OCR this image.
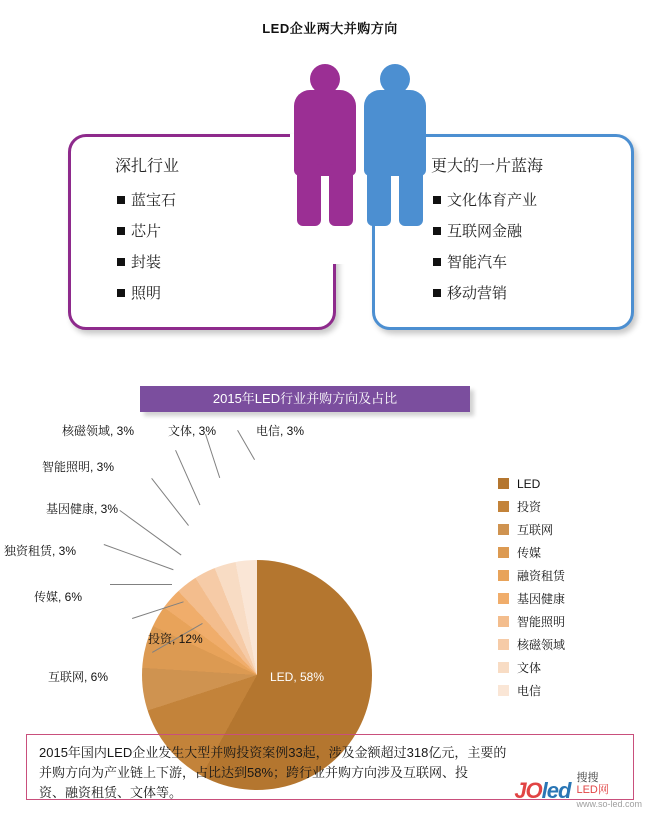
LED企业两大并购方向
深扎行业
蓝宝石
芯片
封装
照明
更大的一片蓝海
文化体育产业
互联网金融
智能汽车
移动营销
2015年LED行业并购方向及占比
LED, 58%
电信, 3%
文体, 3%
核磁领域, 3%
智能照明, 3%
基因健康, 3%
独资租赁, 3%
传媒, 6%
投资, 12%
互联网, 6%
LED
投资
互联网
传媒
融资租赁
基因健康
智能照明
核磁领域
文体
电信

2015年国内LED企业发生大型并购投资案例33起，涉及金额超过318亿元，主要的

并购方向为产业链上下游，占比达到58%；跨行业并购方向涉及互联网、投

资、融资租赁、文体等。	JOled 搜搜
LED网
www.so-led.com
